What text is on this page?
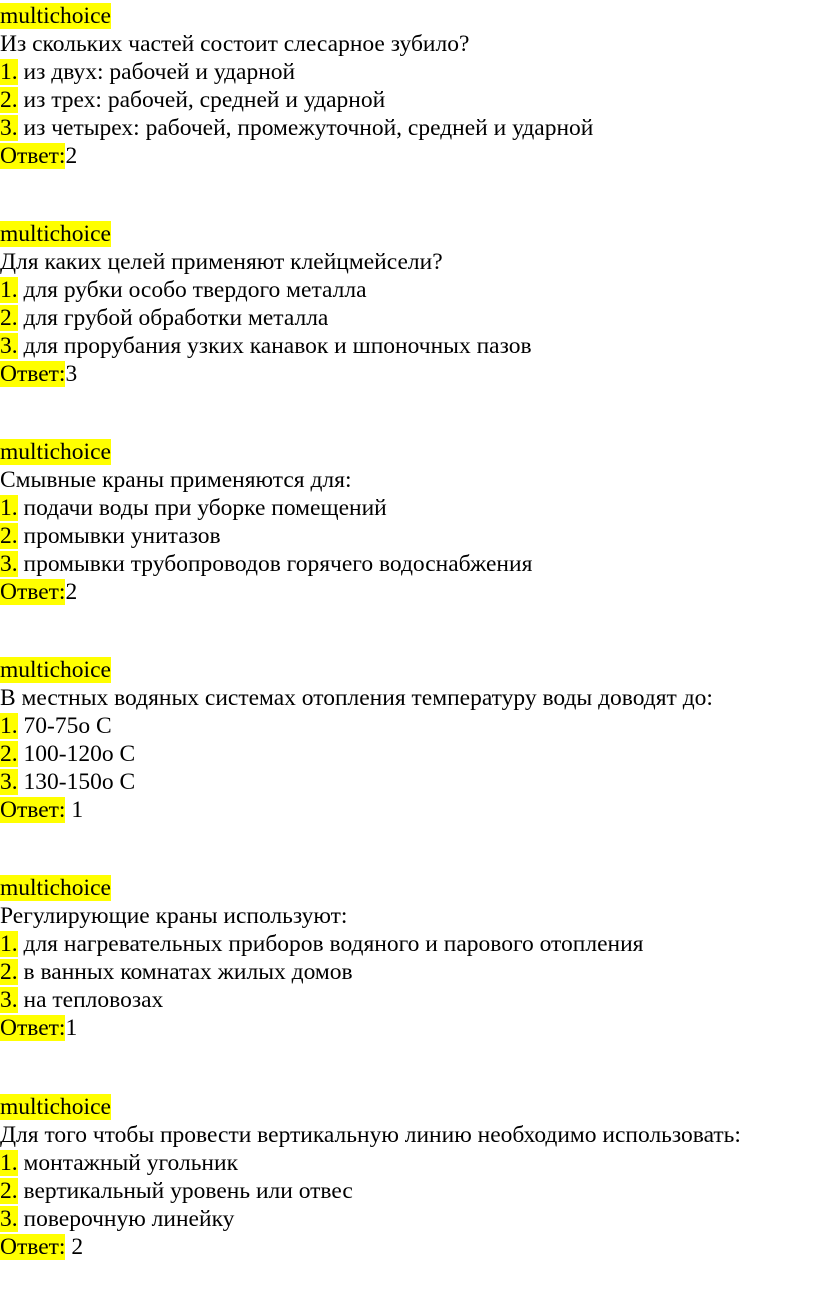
multichoice
Из скольких частей состоит слесарное зубило?
1. из двух: рабочей и ударной
2. из трех: рабочей, средней и ударной
3. из четырех: рабочей, промежуточной, средней и ударной
Ответ:2
multichoice
Для каких целей применяют клейцмейсели?
1. для рубки особо твердого металла
2. для грубой обработки металла
3. для прорубания узких канавок и шпоночных пазов
Ответ:3
multichoice
Смывные краны применяются для:
1. подачи воды при уборке помещений
2. промывки унитазов
3. промывки трубопроводов горячего водоснабжения
Ответ:2
multichoice
В местных водяных системах отопления температуру воды доводят до:
1. 70-75о С
2. 100-120о С
3. 130-150о С
Ответ: 1
multichoice
Регулирующие краны используют:
1. для нагревательных приборов водяного и парового отопления
2. в ванных комнатах жилых домов
3. на тепловозах
Ответ:1
multichoice
Для того чтобы провести вертикальную линию необходимо использовать:
1. монтажный угольник
2. вертикальный уровень или отвес
3. поверочную линейку
Ответ: 2
